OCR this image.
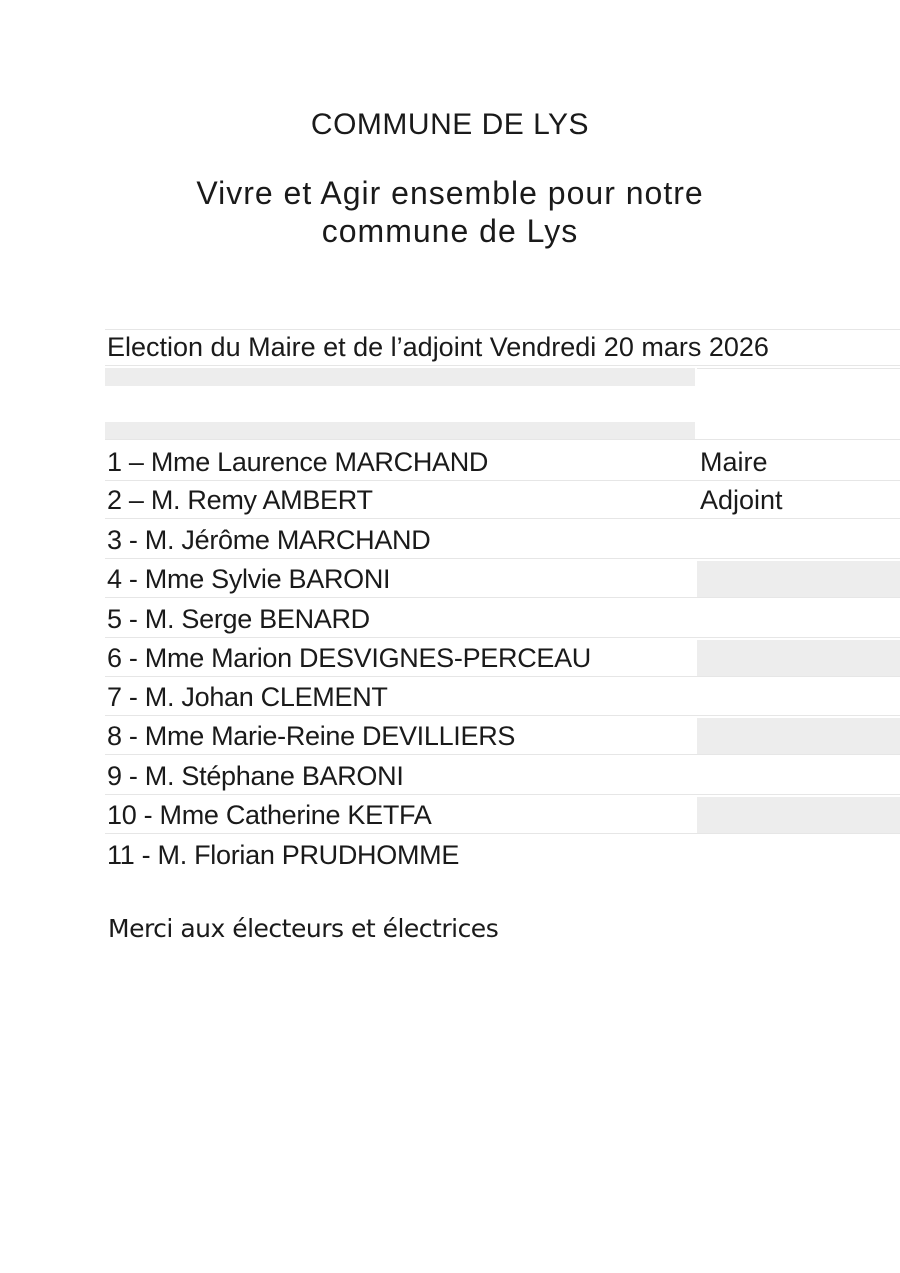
COMMUNE DE LYS
Vivre et Agir ensemble pour notre
commune de Lys
Election du Maire et de l’adjoint Vendredi 20 mars 2026
1 – Mme Laurence MARCHAND	Maire
2 – M. Remy AMBERT	Adjoint
3 - M. Jérôme MARCHAND
4 - Mme Sylvie BARONI
5 - M. Serge BENARD
6 - Mme Marion DESVIGNES-PERCEAU
7 - M. Johan CLEMENT
8 - Mme Marie-Reine DEVILLIERS
9 - M. Stéphane BARONI
10 - Mme Catherine KETFA
11 - M. Florian PRUDHOMME
Merci aux électeurs et électrices
